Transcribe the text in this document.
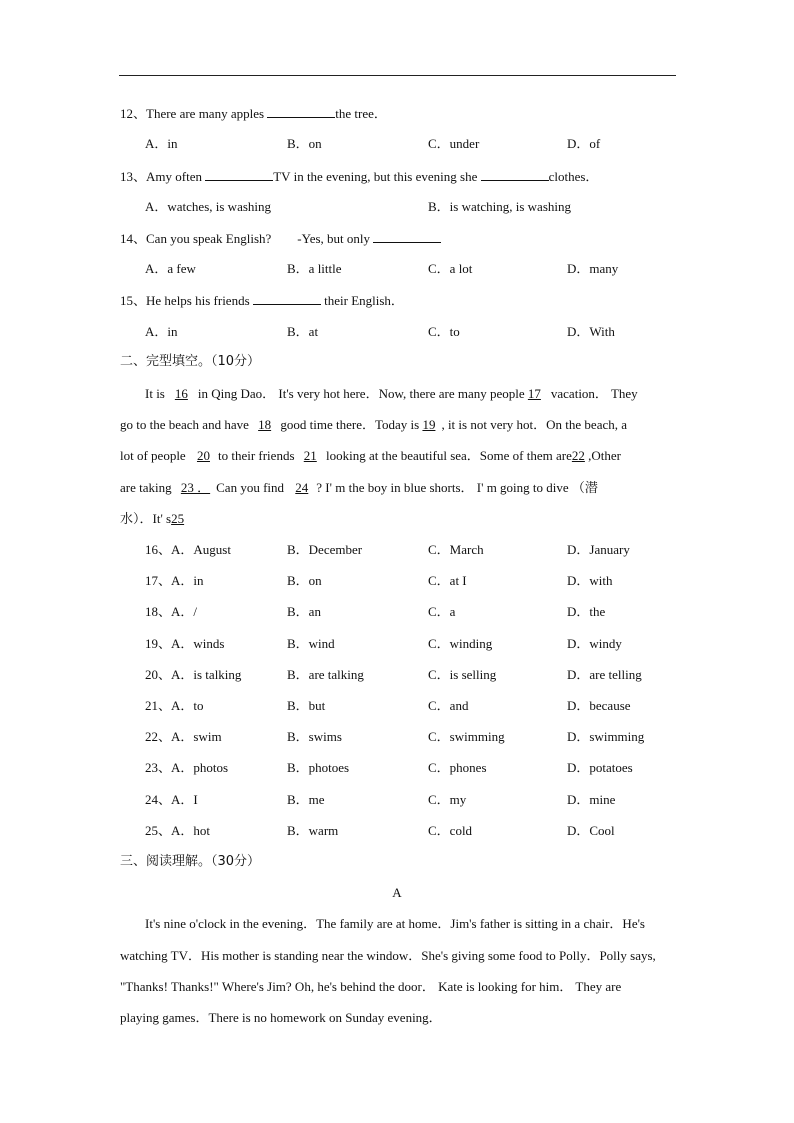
12、There are many apples	the tree．
A．in	B．on	C．under	D．of
13、Amy often	TV in the evening, but this evening she	clothes．
A．watches, is washing	B．is watching, is washing
14、Can you speak English?        -Yes, but only
A．a few	B．a little	C．a lot	D．many
15、He helps his friends	their English．
A．in	B．at	C．to	D．With
二、完型填空。（10分）
It is 16 in Qing Dao． It's very hot here．Now, there are many people 17 vacation． They
go to the beach and have 18 good time there．Today is 19 , it is not very hot．On the beach, a
lot of people 20 to their friends 21 looking at the beautiful sea．Some of them are22 ,Other
are taking 23 ． Can you find 24 ? I' m the boy in blue shorts． I' m going to dive （潜
水）．It' s25
16、A．August	B．December	C．March	D．January
17、A．in	B．on	C．at I	D．with
18、A．/	B．an	C．a	D．the
19、A．winds	B．wind	C．winding	D．windy
20、A．is talking	B．are talking	C．is selling	D．are telling
21、A．to	B．but	C．and	D．because
22、A．swim	B．swims	C．swimming	D．swimming
23、A．photos	B．photoes	C．phones	D．potatoes
24、A．I	B．me	C．my	D．mine
25、A．hot	B．warm	C．cold	D．Cool
三、阅读理解。（30分）
A
It's nine o'clock in the evening．The family are at home．Jim's father is sitting in a chair．He's
watching TV．His mother is standing near the window．She's giving some food to Polly．Polly says,
"Thanks! Thanks!" Where's Jim? Oh, he's behind the door． Kate is looking for him． They are
playing games．There is no homework on Sunday evening．
